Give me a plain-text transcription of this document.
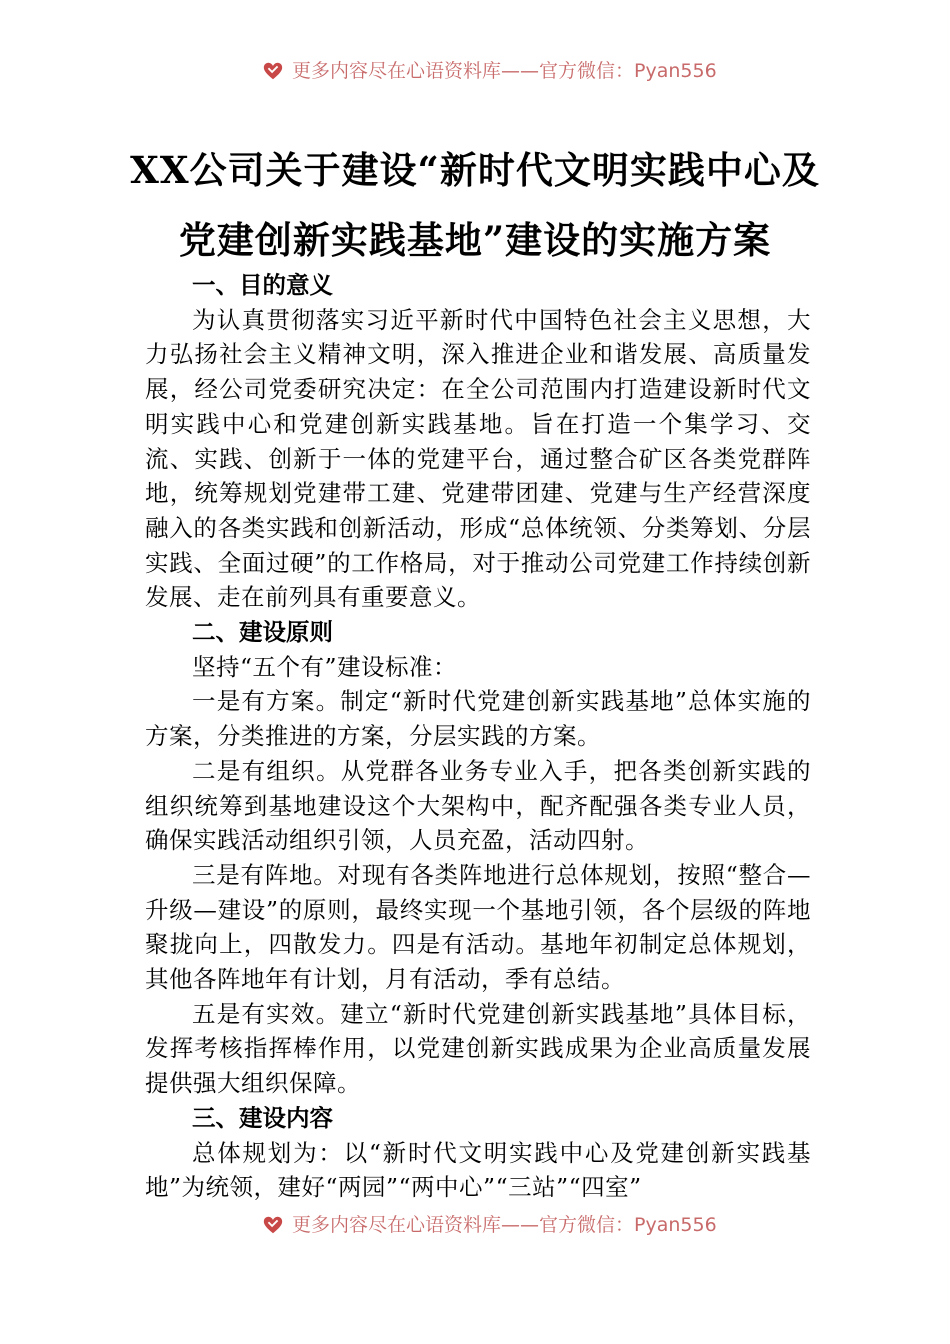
更多内容尽在心语资料库——官方微信：Pyan556
XX公司关于建设“新时代文明实践中心及
党建创新实践基地”建设的实施方案

一、目的意义

为认真贯彻落实习近平新时代中国特色社会主义思想，大力弘扬社会主义精神文明，深入推进企业和谐发展、高质量发展，经公司党委研究决定：在全公司范围内打造建设新时代文明实践中心和党建创新实践基地。旨在打造一个集学习、交流、实践、创新于一体的党建平台，通过整合矿区各类党群阵地，统筹规划党建带工建、党建带团建、党建与生产经营深度融入的各类实践和创新活动，形成“总体统领、分类筹划、分层实践、全面过硬”的工作格局，对于推动公司党建工作持续创新发展、走在前列具有重要意义。

二、建设原则

坚持“五个有”建设标准：

一是有方案。制定“新时代党建创新实践基地”总体实施的方案，分类推进的方案，分层实践的方案。

二是有组织。从党群各业务专业入手，把各类创新实践的组织统筹到基地建设这个大架构中，配齐配强各类专业人员，确保实践活动组织引领，人员充盈，活动四射。

三是有阵地。对现有各类阵地进行总体规划，按照“整合—升级—建设”的原则，最终实现一个基地引领，各个层级的阵地聚拢向上，四散发力。四是有活动。基地年初制定总体规划，其他各阵地年有计划，月有活动，季有总结。

五是有实效。建立“新时代党建创新实践基地”具体目标，发挥考核指挥棒作用，以党建创新实践成果为企业高质量发展提供强大组织保障。

三、建设内容

总体规划为：以“新时代文明实践中心及党建创新实践基地”为统领，建好“两园”“两中心”“三站”“四室”

更多内容尽在心语资料库——官方微信：Pyan556
